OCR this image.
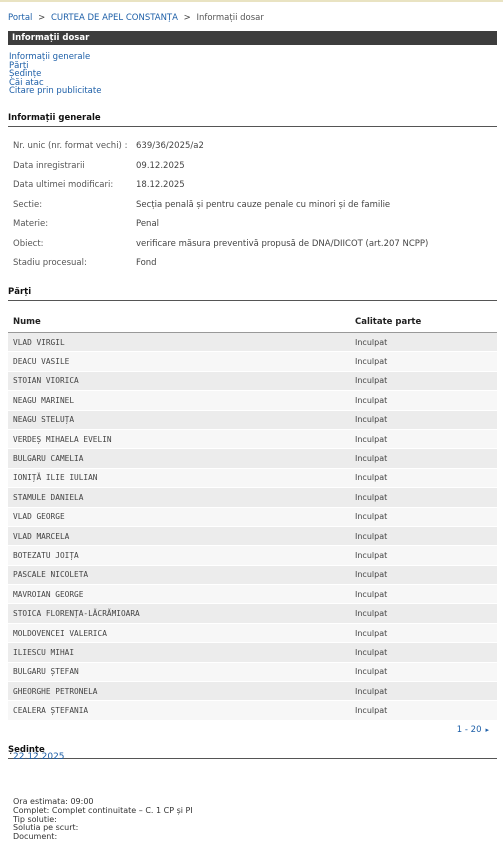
Portal > CURTEA DE APEL CONSTANȚA > Informații dosar
Informații dosar
Informații generale
Părți
Ședințe
Căi atac
Citare prin publicitate
Informații generale
Nr. unic (nr. format vechi) :	639/36/2025/a2
Data inregistrarii	09.12.2025
Data ultimei modificari:	18.12.2025
Sectie:	Secția penală și pentru cauze penale cu minori și de familie
Materie:	Penal
Obiect:	verificare măsura preventivă propusă de DNA/DIICOT (art.207 NCPP)
Stadiu procesual:	Fond
Părți
Nume	Calitate parte
VLAD VIRGIL	Inculpat
DEACU VASILE	Inculpat
STOIAN VIORICA	Inculpat
NEAGU MARINEL	Inculpat
NEAGU STELUȚA	Inculpat
VERDEȘ MIHAELA EVELIN	Inculpat
BULGARU CAMELIA	Inculpat
IONIȚĂ ILIE IULIAN	Inculpat
STAMULE DANIELA	Inculpat
VLAD GEORGE	Inculpat
VLAD MARCELA	Inculpat
BOTEZATU JOIȚA	Inculpat
PASCALE NICOLETA	Inculpat
MAVROIAN GEORGE	Inculpat
STOICA FLORENȚA-LĂCRĂMIOARA	Inculpat
MOLDOVENCEI VALERICA	Inculpat
ILIESCU MIHAI	Inculpat
BULGARU ȘTEFAN	Inculpat
GHEORGHE PETRONELA	Inculpat
CEALERA ȘTEFANIA	Inculpat
1 - 20 ▸
Ședințe
22.12.2025
Ora estimata: 09:00
Complet: Complet continuitate – C. 1 CP și PI
Tip solutie:
Solutia pe scurt:
Document:
